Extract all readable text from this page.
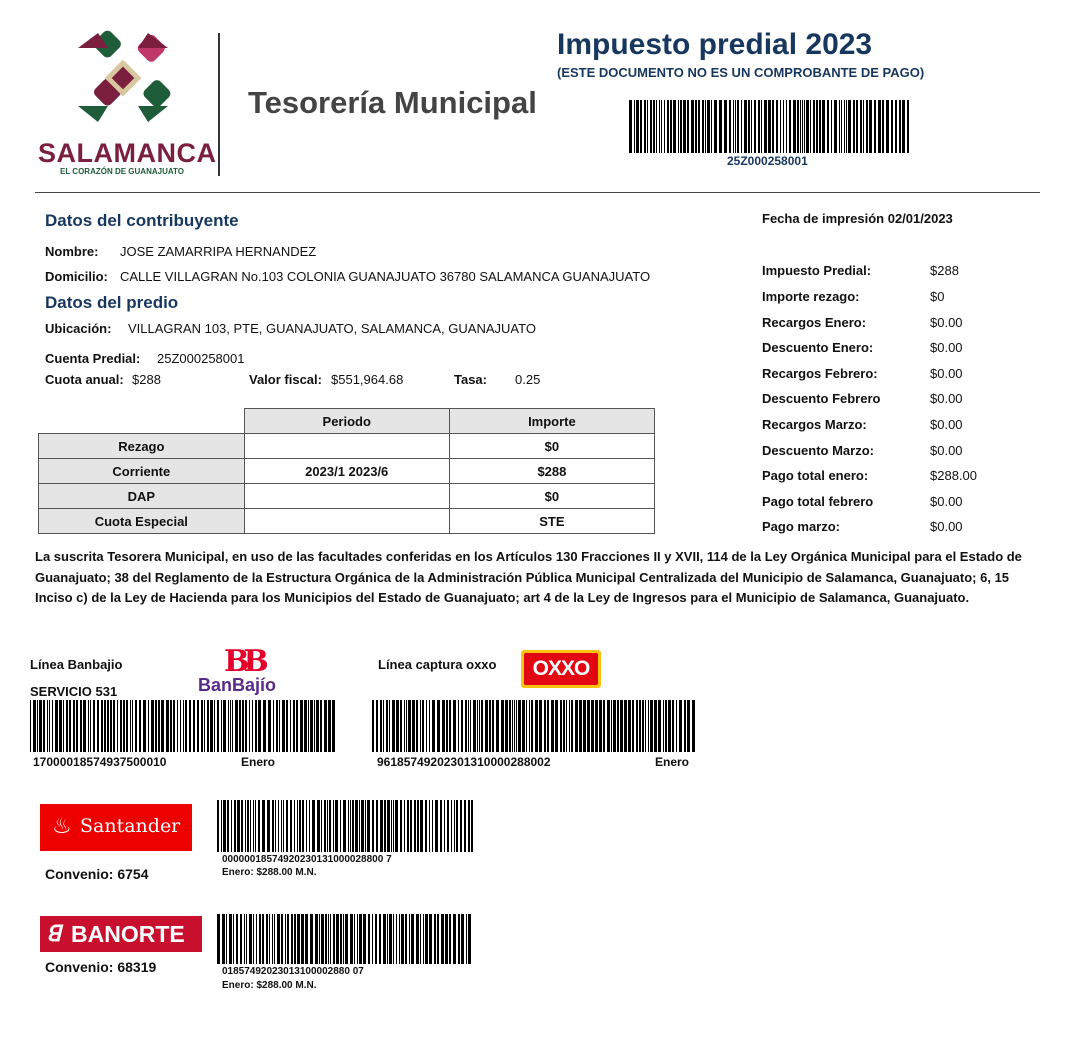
SALAMANCA
EL CORAZÓN DE GUANAJUATO
Tesorería Municipal
Impuesto predial 2023
(ESTE DOCUMENTO NO ES UN COMPROBANTE DE PAGO)
25Z000258001
Datos del contribuyente
Nombre: JOSE ZAMARRIPA HERNANDEZ
Domicilio: CALLE VILLAGRAN No.103 COLONIA GUANAJUATO 36780 SALAMANCA GUANAJUATO
Datos del predio
Ubicación: VILLAGRAN 103, PTE, GUANAJUATO, SALAMANCA, GUANAJUATO
Cuenta Predial: 25Z000258001
Cuota anual: $288	Valor fiscal: $551,964.68	Tasa: 0.25
	Periodo	Importe
Rezago		$0
Corriente	2023/1 2023/6	$288
DAP		$0
Cuota Especial		STE
Fecha de impresión 02/01/2023
Impuesto Predial:	$288
Importe rezago:	$0
Recargos Enero:	$0.00
Descuento Enero:	$0.00
Recargos Febrero:	$0.00
Descuento Febrero	$0.00
Recargos Marzo:	$0.00
Descuento Marzo:	$0.00
Pago total enero:	$288.00
Pago total febrero	$0.00
Pago marzo:	$0.00
La suscrita Tesorera Municipal, en uso de las facultades conferidas en los Artículos 130 Fracciones II y XVII, 114 de la Ley Orgánica Municipal para el Estado de Guanajuato; 38 del Reglamento de la Estructura Orgánica de la Administración Pública Municipal Centralizada del Municipio de Salamanca, Guanajuato; 6, 15 Inciso c) de la Ley de Hacienda para los Municipios del Estado de Guanajuato; art 4 de la Ley de Ingresos para el Municipio de Salamanca, Guanajuato.
Línea Banbajio
SERVICIO 531
BB
BanBajío
17000018574937500010	Enero
Línea captura oxxo	OXXO
96185749202301310000288002	Enero
♨ Santander
Convenio: 6754
00000018574920230131000028800 7
Enero: $288.00 M.N.
ꓭ BANORTE
Convenio: 68319	01857492023013100002880 07
Enero: $288.00 M.N.
